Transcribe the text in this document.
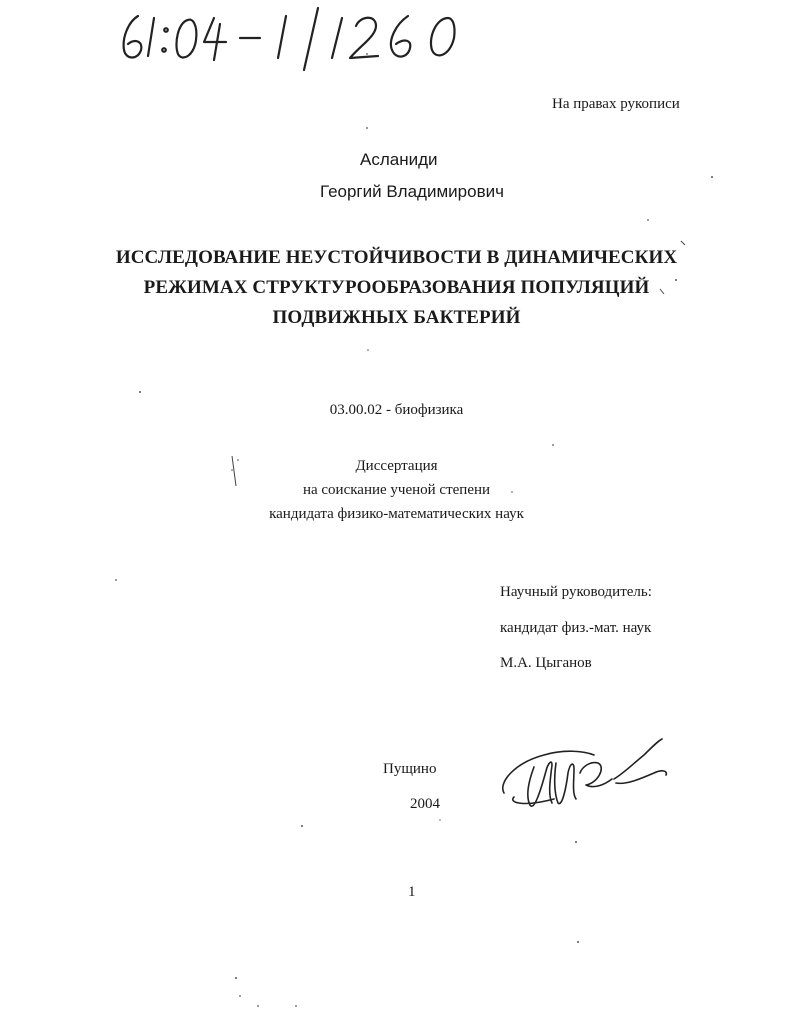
На правах рукописи
Асланиди
Георгий Владимирович
ИССЛЕДОВАНИЕ НЕУСТОЙЧИВОСТИ В ДИНАМИЧЕСКИХ
РЕЖИМАХ СТРУКТУРООБРАЗОВАНИЯ ПОПУЛЯЦИЙ
ПОДВИЖНЫХ БАКТЕРИЙ
03.00.02 - биофизика
Диссертация
на соискание ученой степени
кандидата физико-математических наук
Научный руководитель:
кандидат физ.-мат. наук
М.А. Цыганов
Пущино
2004
1
